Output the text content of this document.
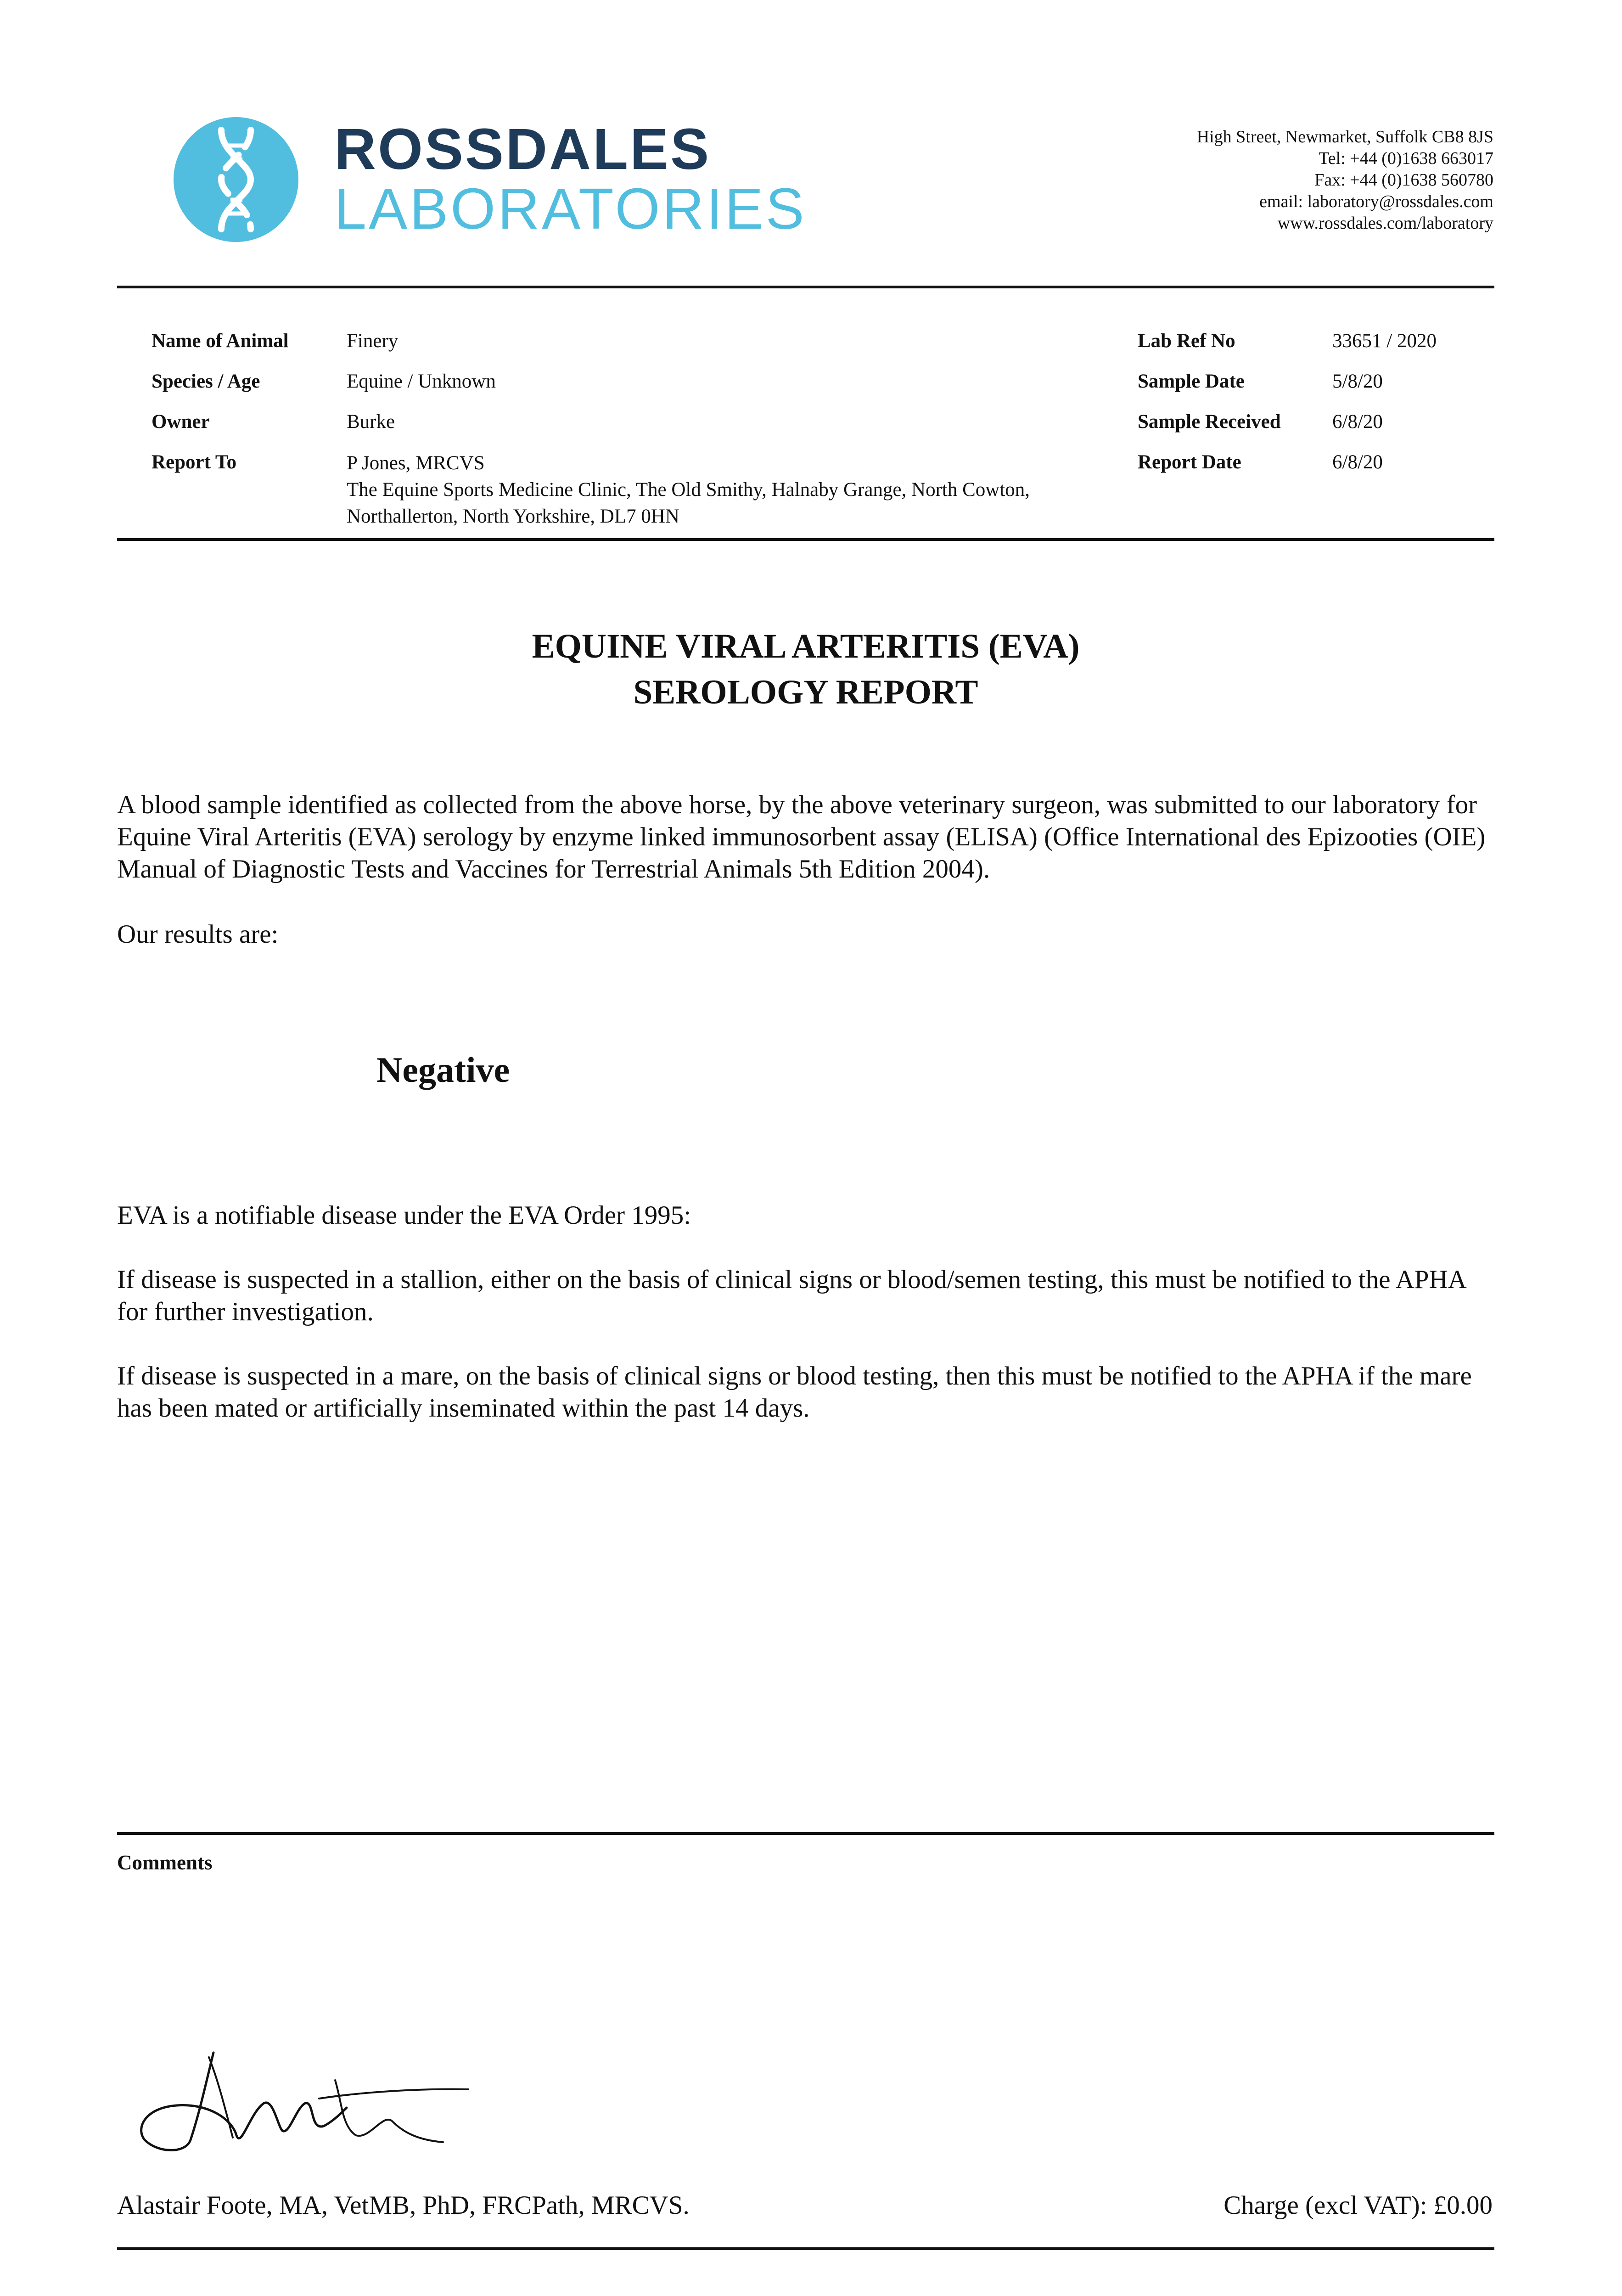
ROSSDALES
LABORATORIES
High Street, Newmarket, Suffolk CB8 8JS
Tel: +44 (0)1638 663017
Fax: +44 (0)1638 560780
email: laboratory@rossdales.com
www.rossdales.com/laboratory
Name of Animal	Finery
Species / Age	Equine / Unknown
Owner	Burke
Report To	P Jones, MRCVS
The Equine Sports Medicine Clinic, The Old Smithy, Halnaby Grange, North Cowton,
Northallerton, North Yorkshire, DL7 0HN
Lab Ref No	33651 / 2020
Sample Date	5/8/20
Sample Received	6/8/20
Report Date	6/8/20
EQUINE VIRAL ARTERITIS (EVA)
SEROLOGY REPORT
A blood sample identified as collected from the above horse, by the above veterinary surgeon, was submitted to our laboratory for Equine Viral Arteritis (EVA) serology by enzyme linked immunosorbent assay (ELISA) (Office International des Epizooties (OIE) Manual of Diagnostic Tests and Vaccines for Terrestrial Animals 5th Edition 2004).
Our results are:
Negative
EVA is a notifiable disease under the EVA Order 1995:
If disease is suspected in a stallion, either on the basis of clinical signs or blood/semen testing, this must be notified to the APHA for further investigation.
If disease is suspected in a mare, on the basis of clinical signs or blood testing, then this must be notified to the APHA if the mare has been mated or artificially inseminated within the past 14 days.
Comments
Alastair Foote, MA, VetMB, PhD, FRCPath, MRCVS.	Charge (excl VAT): £0.00
